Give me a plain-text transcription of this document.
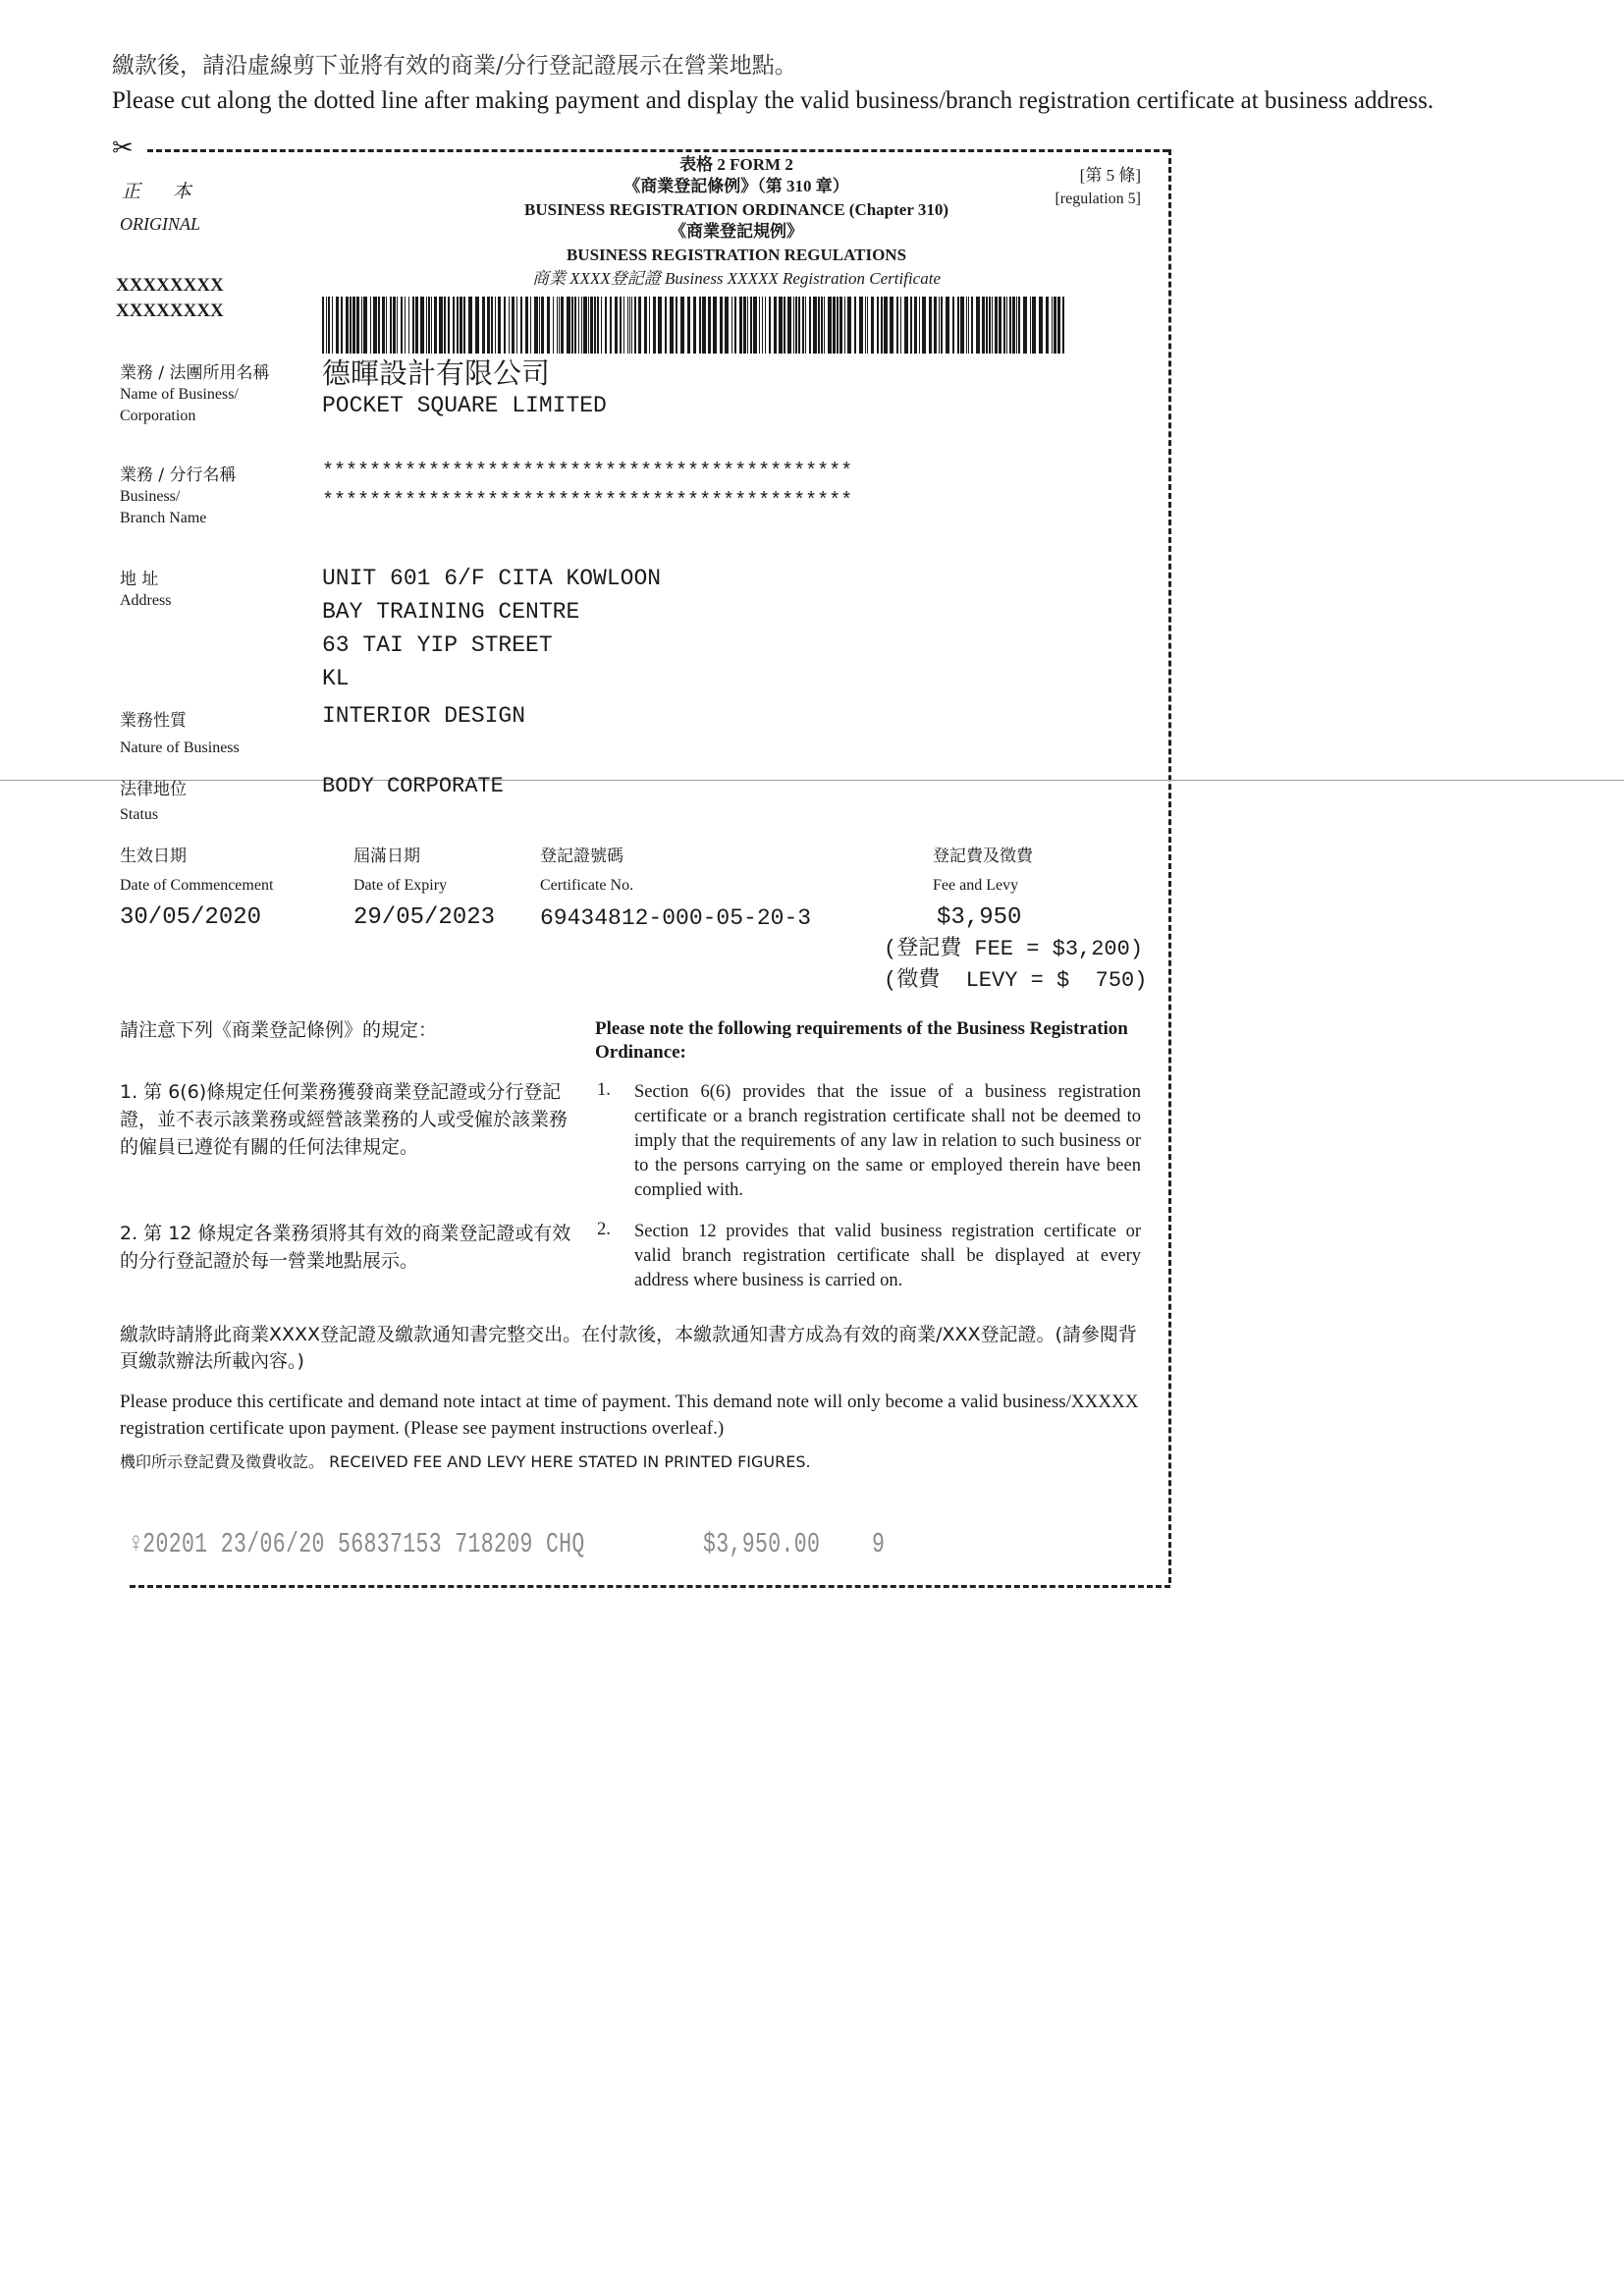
繳款後，請沿虛線剪下並將有效的商業/分行登記證展示在營業地點。
Please cut along the dotted line after making payment and display the valid business/branch registration certificate at business address.
✂
表格 2 FORM 2
《商業登記條例》（第 310 章）
BUSINESS REGISTRATION ORDINANCE (Chapter 310)
《商業登記規例》
BUSINESS REGISTRATION REGULATIONS
商業 XXXX登記證 Business XXXXX Registration Certificate
[第 5 條]
[regulation 5]
正 本
ORIGINAL
XXXXXXXX
XXXXXXXX
業務 / 法團所用名稱
Name of Business/
Corporation
德暉設計有限公司
POCKET SQUARE LIMITED
業務 / 分行名稱
Business/
Branch Name
*********************************************
*********************************************
地 址
Address
UNIT 601 6/F CITA KOWLOON
BAY TRAINING CENTRE
63 TAI YIP STREET
KL
業務性質
Nature of Business
INTERIOR DESIGN
法律地位
Status
BODY CORPORATE
生效日期
Date of Commencement
30/05/2020
屆滿日期
Date of Expiry
29/05/2023
登記證號碼
Certificate No.
69434812-000-05-20-3
登記費及徵費
Fee and Levy
$3,950
(登記費 FEE = $3,200)
(徵費  LEVY = $  750)
請注意下列《商業登記條例》的規定：	Please note the following requirements of the Business Registration Ordinance:
1. 第 6(6)條規定任何業務獲發商業登記證或分行登記證，並不表示該業務或經營該業務的人或受僱於該業務的僱員已遵從有關的任何法律規定。
1. Section 6(6) provides that the issue of a business registration certificate or a branch registration certificate shall not be deemed to imply that the requirements of any law in relation to such business or to the persons carrying on the same or employed therein have been complied with.
2. 第 12 條規定各業務須將其有效的商業登記證或有效的分行登記證於每一營業地點展示。
2. Section 12 provides that valid business registration certificate or valid branch registration certificate shall be displayed at every address where business is carried on.
繳款時請將此商業XXXX登記證及繳款通知書完整交出。在付款後，本繳款通知書方成為有效的商業/XXX登記證。(請參閱背頁繳款辦法所載內容。)
Please produce this certificate and demand note intact at time of payment. This demand note will only become a valid business/XXXXX registration certificate upon payment. (Please see payment instructions overleaf.)
機印所示登記費及徵費收訖。 RECEIVED FEE AND LEVY HERE STATED IN PRINTED FIGURES.
♀20201 23/06/20 56837153 718209 CHQ	$3,950.00 9
